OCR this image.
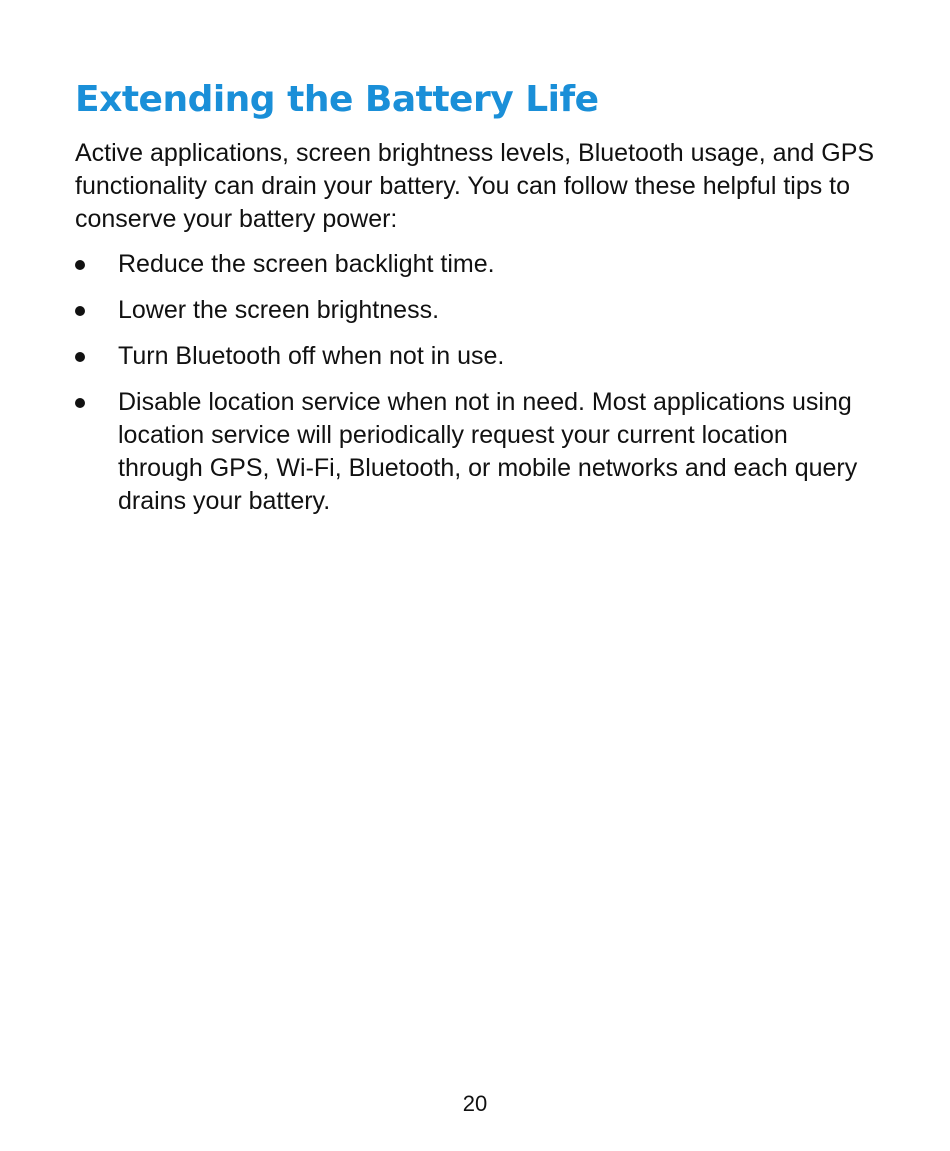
Extending the Battery Life

Active applications, screen brightness levels, Bluetooth usage, and GPS functionality can drain your battery. You can follow these helpful tips to conserve your battery power:

Reduce the screen backlight time.
Lower the screen brightness.
Turn Bluetooth off when not in use.
Disable location service when not in need. Most applications using location service will periodically request your current location through GPS, Wi-Fi, Bluetooth, or mobile networks and each query drains your battery.
20
